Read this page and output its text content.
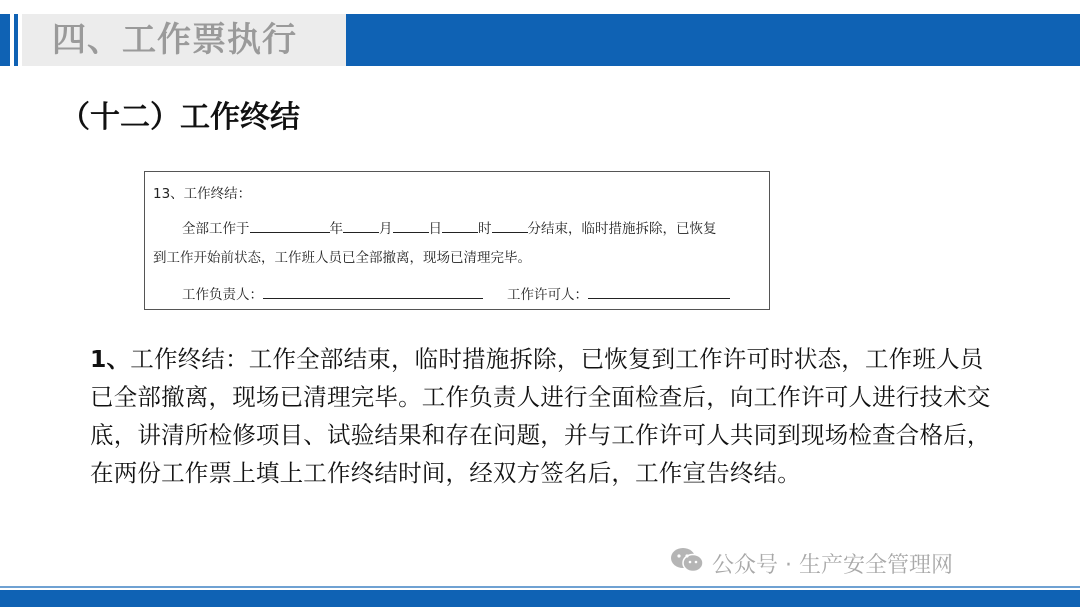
四、工作票执行
（十二）工作终结
13、工作终结：
全部工作于	年	月	日	时	分结束，临时措施拆除，已恢复
到工作开始前状态，工作班人员已全部撤离，现场已清理完毕。
工作负责人：	工作许可人：
1、工作终结：工作全部结束，临时措施拆除，已恢复到工作许可时状态，工作班人员
已全部撤离，现场已清理完毕。工作负责人进行全面检查后，向工作许可人进行技术交
底，讲清所检修项目、试验结果和存在问题，并与工作许可人共同到现场检查合格后，
在两份工作票上填上工作终结时间，经双方签名后，工作宣告终结。
公众号 · 生产安全管理网
